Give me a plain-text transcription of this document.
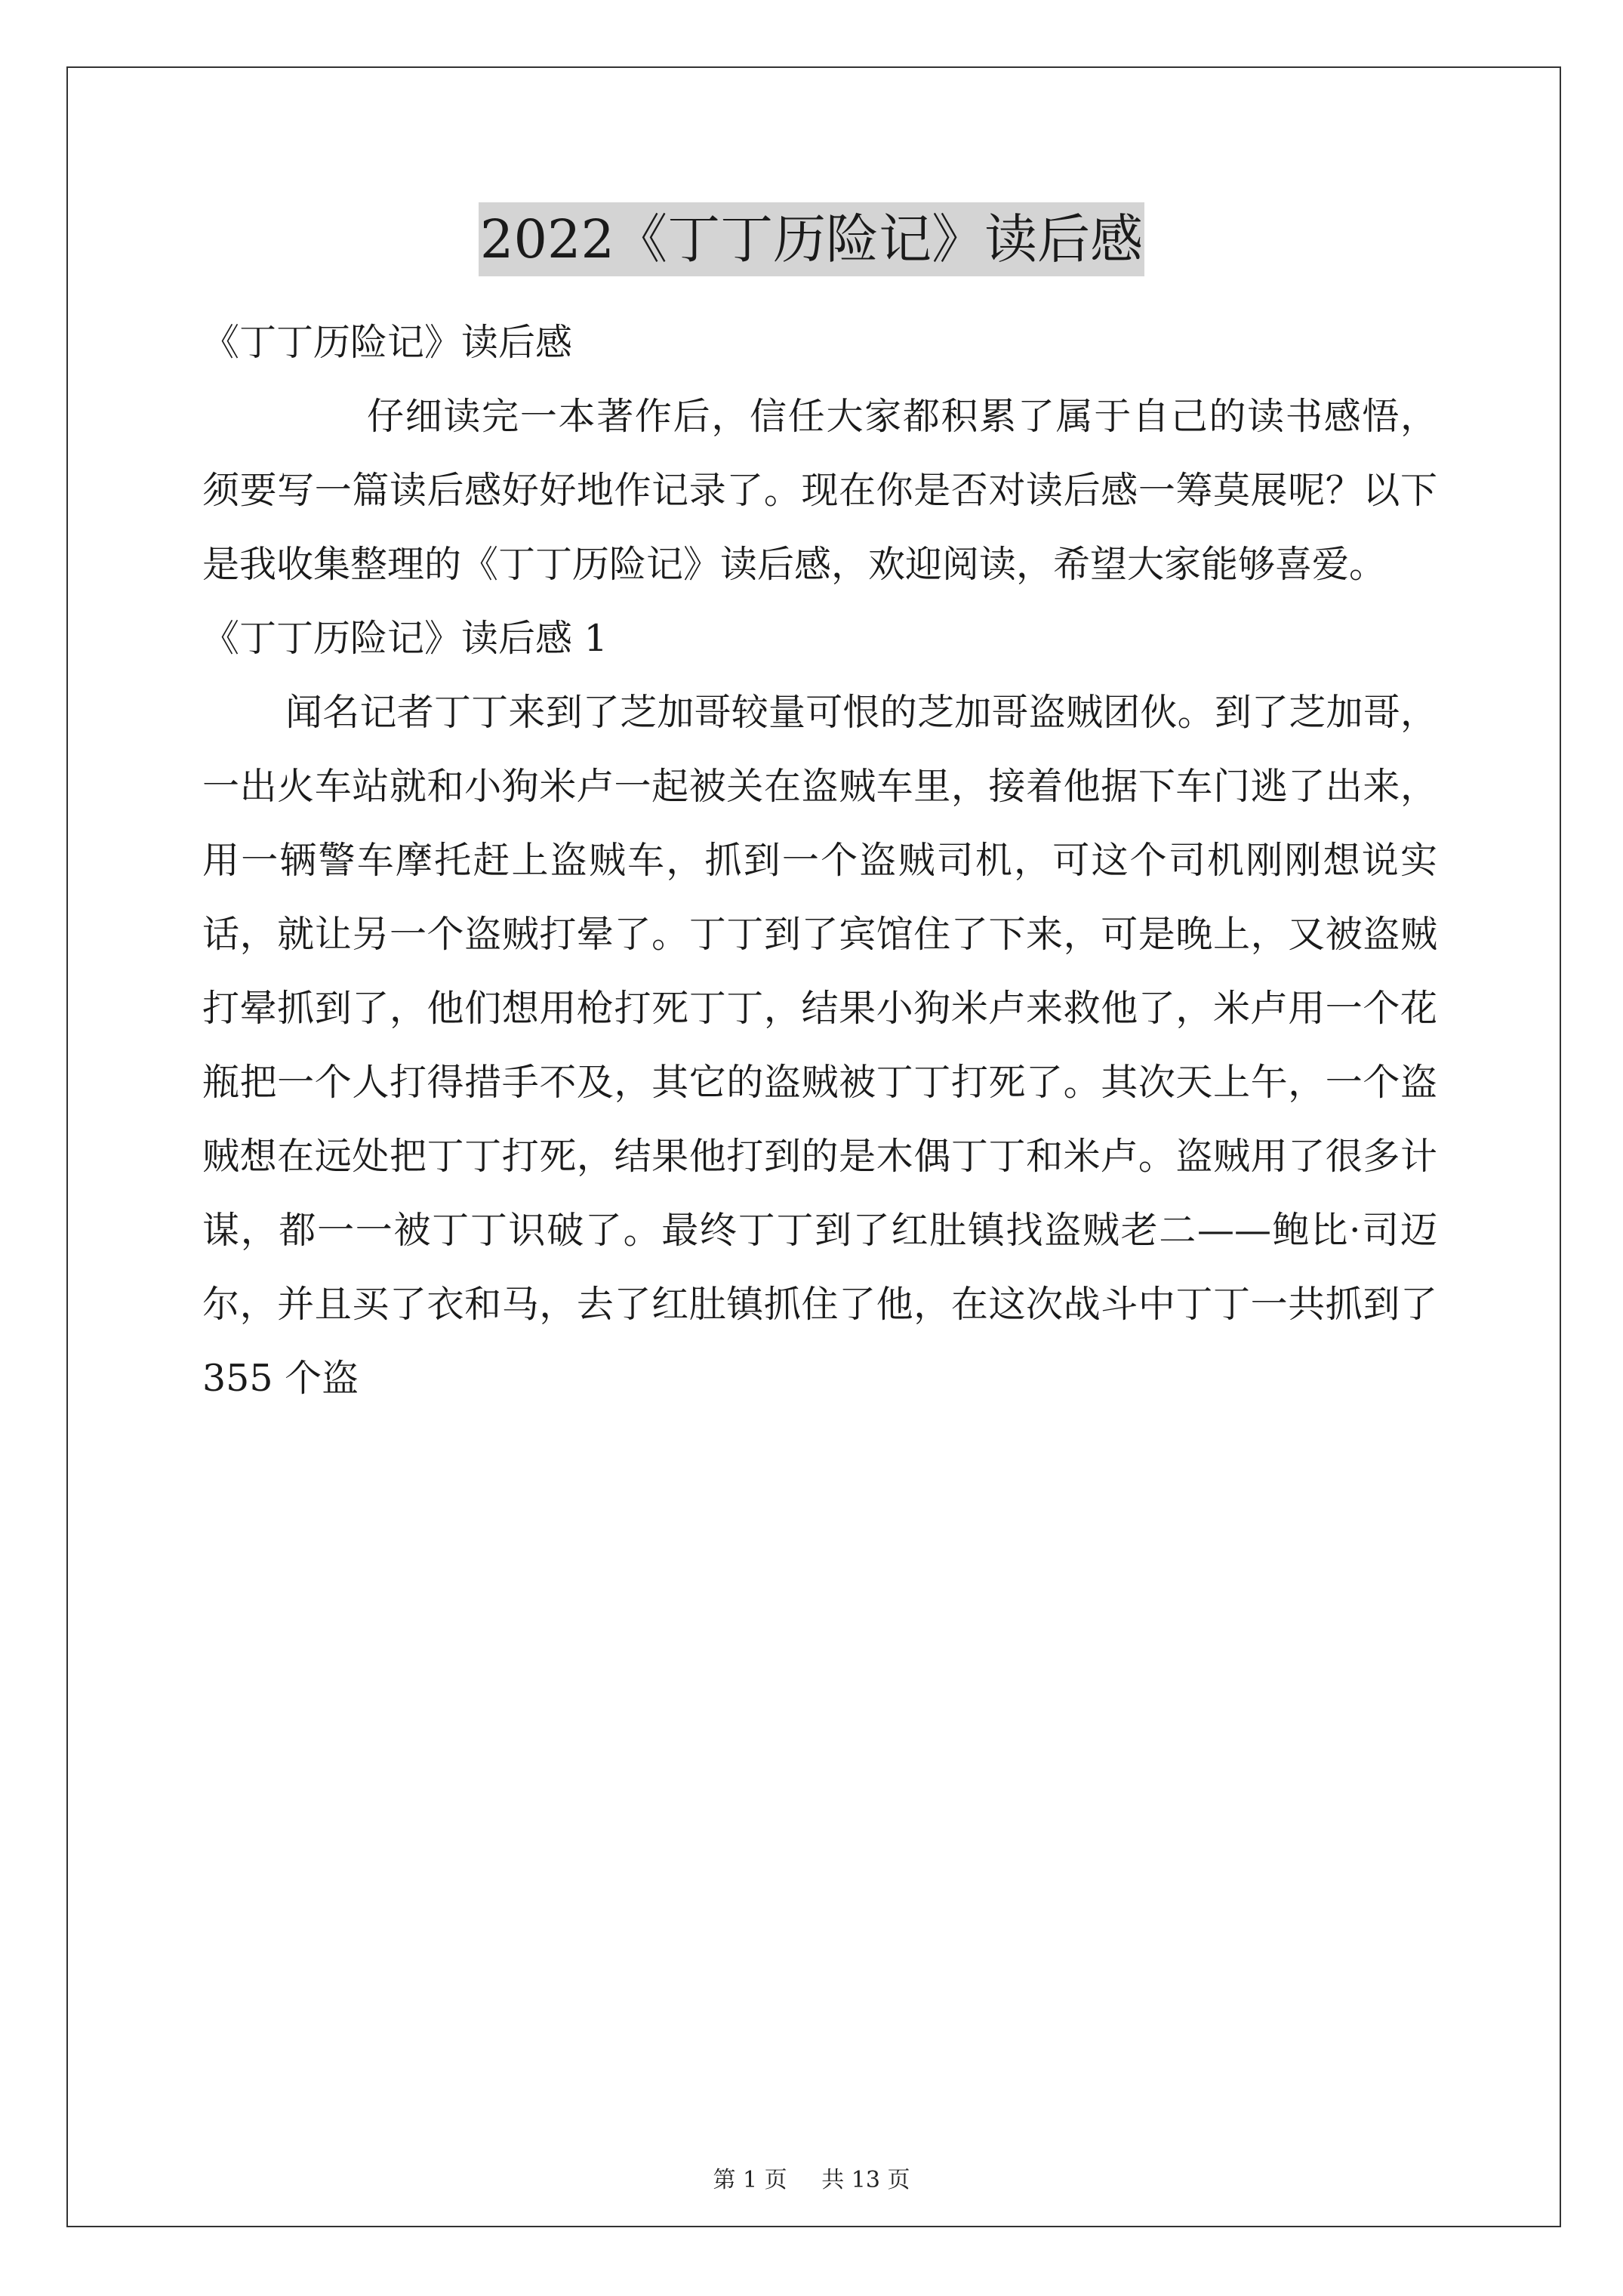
2022《丁丁历险记》读后感

《丁丁历险记》读后感

仔细读完一本著作后，信任大家都积累了属于自己的读书感悟，须要写一篇读后感好好地作记录了。现在你是否对读后感一筹莫展呢？以下是我收集整理的《丁丁历险记》读后感，欢迎阅读，希望大家能够喜爱。

《丁丁历险记》读后感 1

闻名记者丁丁来到了芝加哥较量可恨的芝加哥盗贼团伙。到了芝加哥，一出火车站就和小狗米卢一起被关在盗贼车里，接着他据下车门逃了出来，用一辆警车摩托赶上盗贼车，抓到一个盗贼司机，可这个司机刚刚想说实话，就让另一个盗贼打晕了。丁丁到了宾馆住了下来，可是晚上，又被盗贼打晕抓到了，他们想用枪打死丁丁，结果小狗米卢来救他了，米卢用一个花瓶把一个人打得措手不及，其它的盗贼被丁丁打死了。其次天上午，一个盗贼想在远处把丁丁打死，结果他打到的是木偶丁丁和米卢。盗贼用了很多计谋，都一一被丁丁识破了。最终丁丁到了红肚镇找盗贼老二——鲍比·司迈尔，并且买了衣和马，去了红肚镇抓住了他，在这次战斗中丁丁一共抓到了 355 个盗

第 1 页 共 13 页
